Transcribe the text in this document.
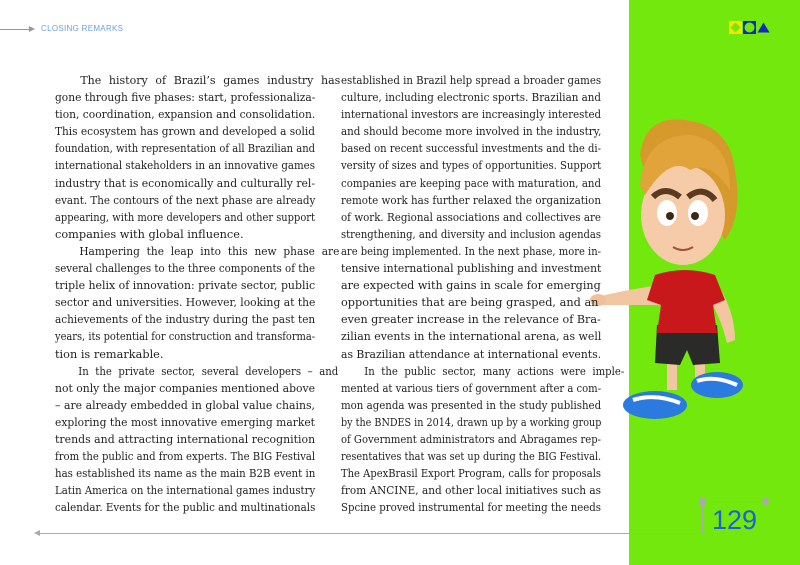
CLOSING REMARKS
The history of Brazil’s games industry has
gone through five phases: start, professionaliza-
tion, coordination, expansion and consolidation.
This ecosystem has grown and developed a solid
foundation, with representation of all Brazilian and
international stakeholders in an innovative games
industry that is economically and culturally rel-
evant. The contours of the next phase are already
appearing, with more developers and other support
companies with global influence.
Hampering the leap into this new phase are
several challenges to the three components of the
triple helix of innovation: private sector, public
sector and universities. However, looking at the
achievements of the industry during the past ten
years, its potential for construction and transforma-
tion is remarkable.
In the private sector, several developers – and
not only the major companies mentioned above
– are already embedded in global value chains,
exploring the most innovative emerging market
trends and attracting international recognition
from the public and from experts. The BIG Festival
has established its name as the main B2B event in
Latin America on the international games industry
calendar. Events for the public and multinationals
established in Brazil help spread a broader games
culture, including electronic sports. Brazilian and
international investors are increasingly interested
and should become more involved in the industry,
based on recent successful investments and the di-
versity of sizes and types of opportunities. Support
companies are keeping pace with maturation, and
remote work has further relaxed the organization
of work. Regional associations and collectives are
strengthening, and diversity and inclusion agendas
are being implemented. In the next phase, more in-
tensive international publishing and investment
are expected with gains in scale for emerging
opportunities that are being grasped, and an
even greater increase in the relevance of Bra-
zilian events in the international arena, as well
as Brazilian attendance at international events.
In the public sector, many actions were imple-
mented at various tiers of government after a com-
mon agenda was presented in the study published
by the BNDES in 2014, drawn up by a working group
of Government administrators and Abragames rep-
resentatives that was set up during the BIG Festival.
The ApexBrasil Export Program, calls for proposals
from ANCINE, and other local initiatives such as
Spcine proved instrumental for meeting the needs	129
